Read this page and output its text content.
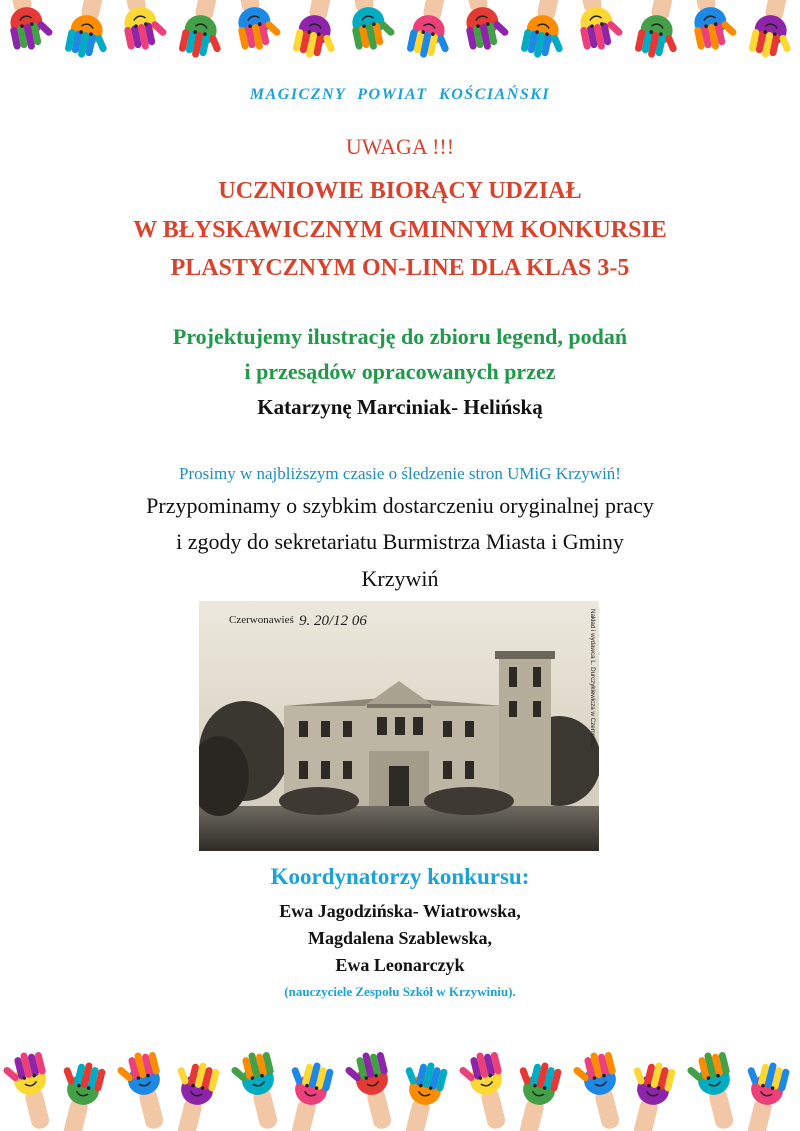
MAGICZNY POWIAT KOŚCIAŃSKI

UWAGA !!!

UCZNIOWIE BIORĄCY UDZIAŁ

W BŁYSKAWICZNYM GMINNYM KONKURSIE

PLASTYCZNYM ON-LINE DLA KLAS 3-5

Projektujemy ilustrację do zbioru legend, podań

i przesądów opracowanych przez

Katarzynę Marciniak- Helińską

Prosimy w najbliższym czasie o śledzenie stron UMiG Krzywiń!

Przypominamy o szybkim dostarczeniu oryginalnej pracy

i zgody do sekretariatu Burmistrza Miasta i Gminy

Krzywiń

Czerwonawieś 9. 20/12 06	Nakład i wydawca L. Durczykiewicza w Czempiniu

Koordynatorzy konkursu:

Ewa Jagodzińska- Wiatrowska,

Magdalena Szablewska,

Ewa Leonarczyk

(nauczyciele Zespołu Szkół w Krzywiniu).
